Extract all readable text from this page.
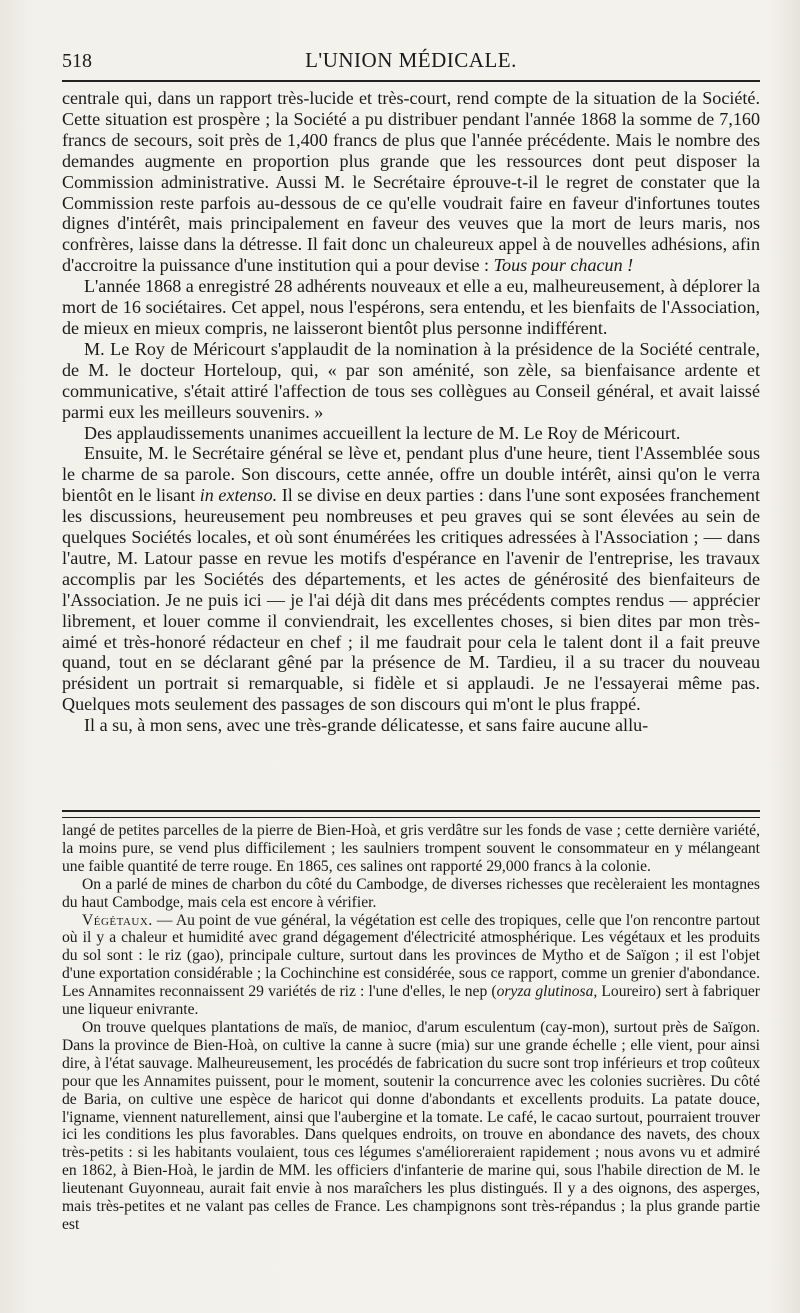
518	L'UNION MÉDICALE.

centrale qui, dans un rapport très-lucide et très-court, rend compte de la situation de la Société. Cette situation est prospère ; la Société a pu distribuer pendant l'année 1868 la somme de 7,160 francs de secours, soit près de 1,400 francs de plus que l'année précédente. Mais le nombre des demandes augmente en proportion plus grande que les ressources dont peut disposer la Commission administrative. Aussi M. le Secrétaire éprouve-t-il le regret de constater que la Commission reste parfois au-dessous de ce qu'elle voudrait faire en faveur d'infortunes toutes dignes d'intérêt, mais principalement en faveur des veuves que la mort de leurs maris, nos confrères, laisse dans la détresse. Il fait donc un chaleureux appel à de nouvelles adhésions, afin d'accroitre la puissance d'une institution qui a pour devise : Tous pour chacun !

L'année 1868 a enregistré 28 adhérents nouveaux et elle a eu, malheureusement, à déplorer la mort de 16 sociétaires. Cet appel, nous l'espérons, sera entendu, et les bienfaits de l'Association, de mieux en mieux compris, ne laisseront bientôt plus personne indifférent.

M. Le Roy de Méricourt s'applaudit de la nomination à la présidence de la Société centrale, de M. le docteur Horteloup, qui, « par son aménité, son zèle, sa bienfaisance ardente et communicative, s'était attiré l'affection de tous ses collègues au Conseil général, et avait laissé parmi eux les meilleurs souvenirs. »

Des applaudissements unanimes accueillent la lecture de M. Le Roy de Méricourt.

Ensuite, M. le Secrétaire général se lève et, pendant plus d'une heure, tient l'Assemblée sous le charme de sa parole. Son discours, cette année, offre un double intérêt, ainsi qu'on le verra bientôt en le lisant in extenso. Il se divise en deux parties : dans l'une sont exposées franchement les discussions, heureusement peu nombreuses et peu graves qui se sont élevées au sein de quelques Sociétés locales, et où sont énumérées les critiques adressées à l'Association ; — dans l'autre, M. Latour passe en revue les motifs d'espérance en l'avenir de l'entreprise, les travaux accomplis par les Sociétés des départements, et les actes de générosité des bienfaiteurs de l'Association. Je ne puis ici — je l'ai déjà dit dans mes précédents comptes rendus — apprécier librement, et louer comme il conviendrait, les excellentes choses, si bien dites par mon très-aimé et très-honoré rédacteur en chef ; il me faudrait pour cela le talent dont il a fait preuve quand, tout en se déclarant gêné par la présence de M. Tardieu, il a su tracer du nouveau président un portrait si remarquable, si fidèle et si applaudi. Je ne l'essayerai même pas. Quelques mots seulement des passages de son discours qui m'ont le plus frappé.

Il a su, à mon sens, avec une très-grande délicatesse, et sans faire aucune allu-

langé de petites parcelles de la pierre de Bien-Hoà, et gris verdâtre sur les fonds de vase ; cette dernière variété, la moins pure, se vend plus difficilement ; les saulniers trompent souvent le consommateur en y mélangeant une faible quantité de terre rouge. En 1865, ces salines ont rapporté 29,000 francs à la colonie.

On a parlé de mines de charbon du côté du Cambodge, de diverses richesses que recèleraient les montagnes du haut Cambodge, mais cela est encore à vérifier.

Végétaux. — Au point de vue général, la végétation est celle des tropiques, celle que l'on rencontre partout où il y a chaleur et humidité avec grand dégagement d'électricité atmosphérique. Les végétaux et les produits du sol sont : le riz (gao), principale culture, surtout dans les provinces de Mytho et de Saïgon ; il est l'objet d'une exportation considérable ; la Cochinchine est considérée, sous ce rapport, comme un grenier d'abondance. Les Annamites reconnaissent 29 variétés de riz : l'une d'elles, le nep (oryza glutinosa, Loureiro) sert à fabriquer une liqueur enivrante.

On trouve quelques plantations de maïs, de manioc, d'arum esculentum (cay-mon), surtout près de Saïgon. Dans la province de Bien-Hoà, on cultive la canne à sucre (mia) sur une grande échelle ; elle vient, pour ainsi dire, à l'état sauvage. Malheureusement, les procédés de fabrication du sucre sont trop inférieurs et trop coûteux pour que les Annamites puissent, pour le moment, soutenir la concurrence avec les colonies sucrières. Du côté de Baria, on cultive une espèce de haricot qui donne d'abondants et excellents produits. La patate douce, l'igname, viennent naturellement, ainsi que l'aubergine et la tomate. Le café, le cacao surtout, pourraient trouver ici les conditions les plus favorables. Dans quelques endroits, on trouve en abondance des navets, des choux très-petits : si les habitants voulaient, tous ces légumes s'amélioreraient rapidement ; nous avons vu et admiré en 1862, à Bien-Hoà, le jardin de MM. les officiers d'infanterie de marine qui, sous l'habile direction de M. le lieutenant Guyonneau, aurait fait envie à nos maraîchers les plus distingués. Il y a des oignons, des asperges, mais très-petites et ne valant pas celles de France. Les champignons sont très-répandus ; la plus grande partie est
